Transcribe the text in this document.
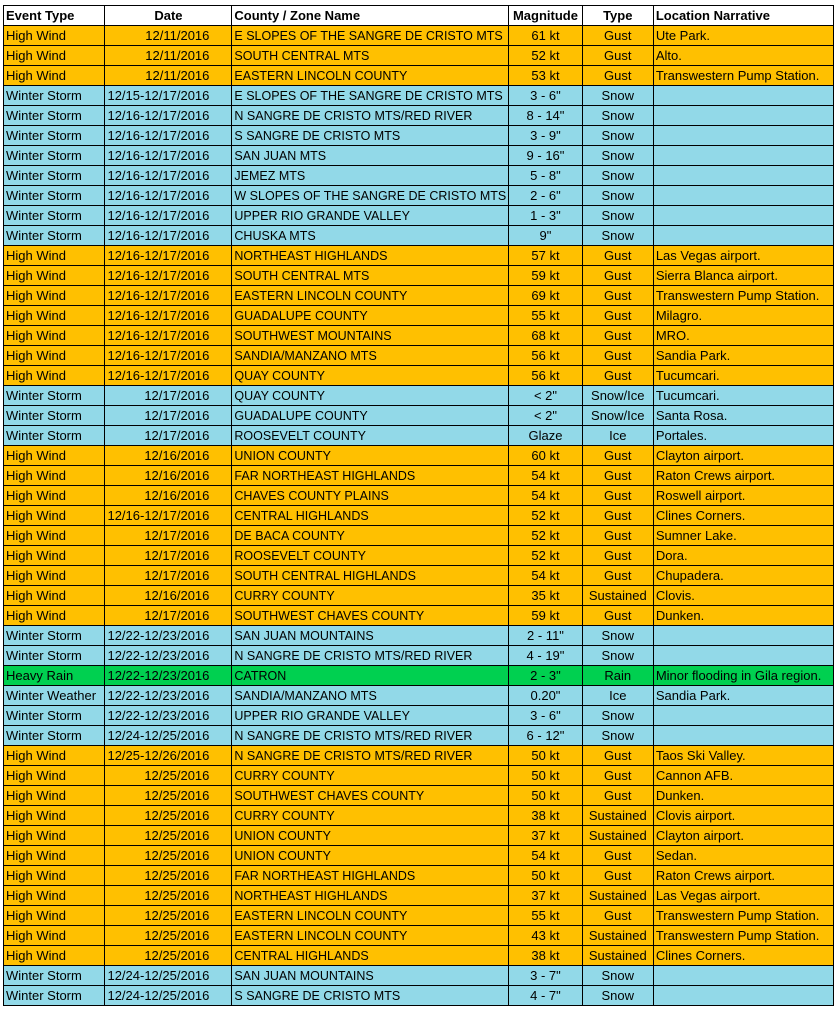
Event Type	Date	County / Zone Name	Magnitude	Type	Location Narrative
High Wind	12/11/2016	E SLOPES OF THE SANGRE DE CRISTO MTS	61 kt	Gust	Ute Park.
High Wind	12/11/2016	SOUTH CENTRAL MTS	52 kt	Gust	Alto.
High Wind	12/11/2016	EASTERN LINCOLN COUNTY	53 kt	Gust	Transwestern Pump Station.
Winter Storm	12/15-12/17/2016	E SLOPES OF THE SANGRE DE CRISTO MTS	3 - 6"	Snow	
Winter Storm	12/16-12/17/2016	N SANGRE DE CRISTO MTS/RED RIVER	8 - 14"	Snow	
Winter Storm	12/16-12/17/2016	S SANGRE DE CRISTO MTS	3 - 9"	Snow	
Winter Storm	12/16-12/17/2016	SAN JUAN MTS	9 - 16"	Snow	
Winter Storm	12/16-12/17/2016	JEMEZ MTS	5 - 8"	Snow	
Winter Storm	12/16-12/17/2016	W SLOPES OF THE SANGRE DE CRISTO MTS	2 - 6"	Snow	
Winter Storm	12/16-12/17/2016	UPPER RIO GRANDE VALLEY	1 - 3"	Snow	
Winter Storm	12/16-12/17/2016	CHUSKA MTS	9"	Snow	
High Wind	12/16-12/17/2016	NORTHEAST HIGHLANDS	57 kt	Gust	Las Vegas airport.
High Wind	12/16-12/17/2016	SOUTH CENTRAL MTS	59 kt	Gust	Sierra Blanca airport.
High Wind	12/16-12/17/2016	EASTERN LINCOLN COUNTY	69 kt	Gust	Transwestern Pump Station.
High Wind	12/16-12/17/2016	GUADALUPE COUNTY	55 kt	Gust	Milagro.
High Wind	12/16-12/17/2016	SOUTHWEST MOUNTAINS	68 kt	Gust	MRO.
High Wind	12/16-12/17/2016	SANDIA/MANZANO MTS	56 kt	Gust	Sandia Park.
High Wind	12/16-12/17/2016	QUAY COUNTY	56 kt	Gust	Tucumcari.
Winter Storm	12/17/2016	QUAY COUNTY	< 2"	Snow/Ice	Tucumcari.
Winter Storm	12/17/2016	GUADALUPE COUNTY	< 2"	Snow/Ice	Santa Rosa.
Winter Storm	12/17/2016	ROOSEVELT COUNTY	Glaze	Ice	Portales.
High Wind	12/16/2016	UNION COUNTY	60 kt	Gust	Clayton airport.
High Wind	12/16/2016	FAR NORTHEAST HIGHLANDS	54 kt	Gust	Raton Crews airport.
High Wind	12/16/2016	CHAVES COUNTY PLAINS	54 kt	Gust	Roswell airport.
High Wind	12/16-12/17/2016	CENTRAL HIGHLANDS	52 kt	Gust	Clines Corners.
High Wind	12/17/2016	DE BACA COUNTY	52 kt	Gust	Sumner Lake.
High Wind	12/17/2016	ROOSEVELT COUNTY	52 kt	Gust	Dora.
High Wind	12/17/2016	SOUTH CENTRAL HIGHLANDS	54 kt	Gust	Chupadera.
High Wind	12/16/2016	CURRY COUNTY	35 kt	Sustained	Clovis.
High Wind	12/17/2016	SOUTHWEST CHAVES COUNTY	59 kt	Gust	Dunken.
Winter Storm	12/22-12/23/2016	SAN JUAN MOUNTAINS	2 - 11"	Snow	
Winter Storm	12/22-12/23/2016	N SANGRE DE CRISTO MTS/RED RIVER	4 - 19"	Snow	
Heavy Rain	12/22-12/23/2016	CATRON	2 - 3"	Rain	Minor flooding in Gila region.
Winter Weather	12/22-12/23/2016	SANDIA/MANZANO MTS	0.20"	Ice	Sandia Park.
Winter Storm	12/22-12/23/2016	UPPER RIO GRANDE VALLEY	3 - 6"	Snow	
Winter Storm	12/24-12/25/2016	N SANGRE DE CRISTO MTS/RED RIVER	6 - 12"	Snow	
High Wind	12/25-12/26/2016	N SANGRE DE CRISTO MTS/RED RIVER	50 kt	Gust	Taos Ski Valley.
High Wind	12/25/2016	CURRY COUNTY	50 kt	Gust	Cannon AFB.
High Wind	12/25/2016	SOUTHWEST CHAVES COUNTY	50 kt	Gust	Dunken.
High Wind	12/25/2016	CURRY COUNTY	38 kt	Sustained	Clovis airport.
High Wind	12/25/2016	UNION COUNTY	37 kt	Sustained	Clayton airport.
High Wind	12/25/2016	UNION COUNTY	54 kt	Gust	Sedan.
High Wind	12/25/2016	FAR NORTHEAST HIGHLANDS	50 kt	Gust	Raton Crews airport.
High Wind	12/25/2016	NORTHEAST HIGHLANDS	37 kt	Sustained	Las Vegas airport.
High Wind	12/25/2016	EASTERN LINCOLN COUNTY	55 kt	Gust	Transwestern Pump Station.
High Wind	12/25/2016	EASTERN LINCOLN COUNTY	43 kt	Sustained	Transwestern Pump Station.
High Wind	12/25/2016	CENTRAL HIGHLANDS	38 kt	Sustained	Clines Corners.
Winter Storm	12/24-12/25/2016	SAN JUAN MOUNTAINS	3 - 7"	Snow	
Winter Storm	12/24-12/25/2016	S SANGRE DE CRISTO MTS	4 - 7"	Snow	
